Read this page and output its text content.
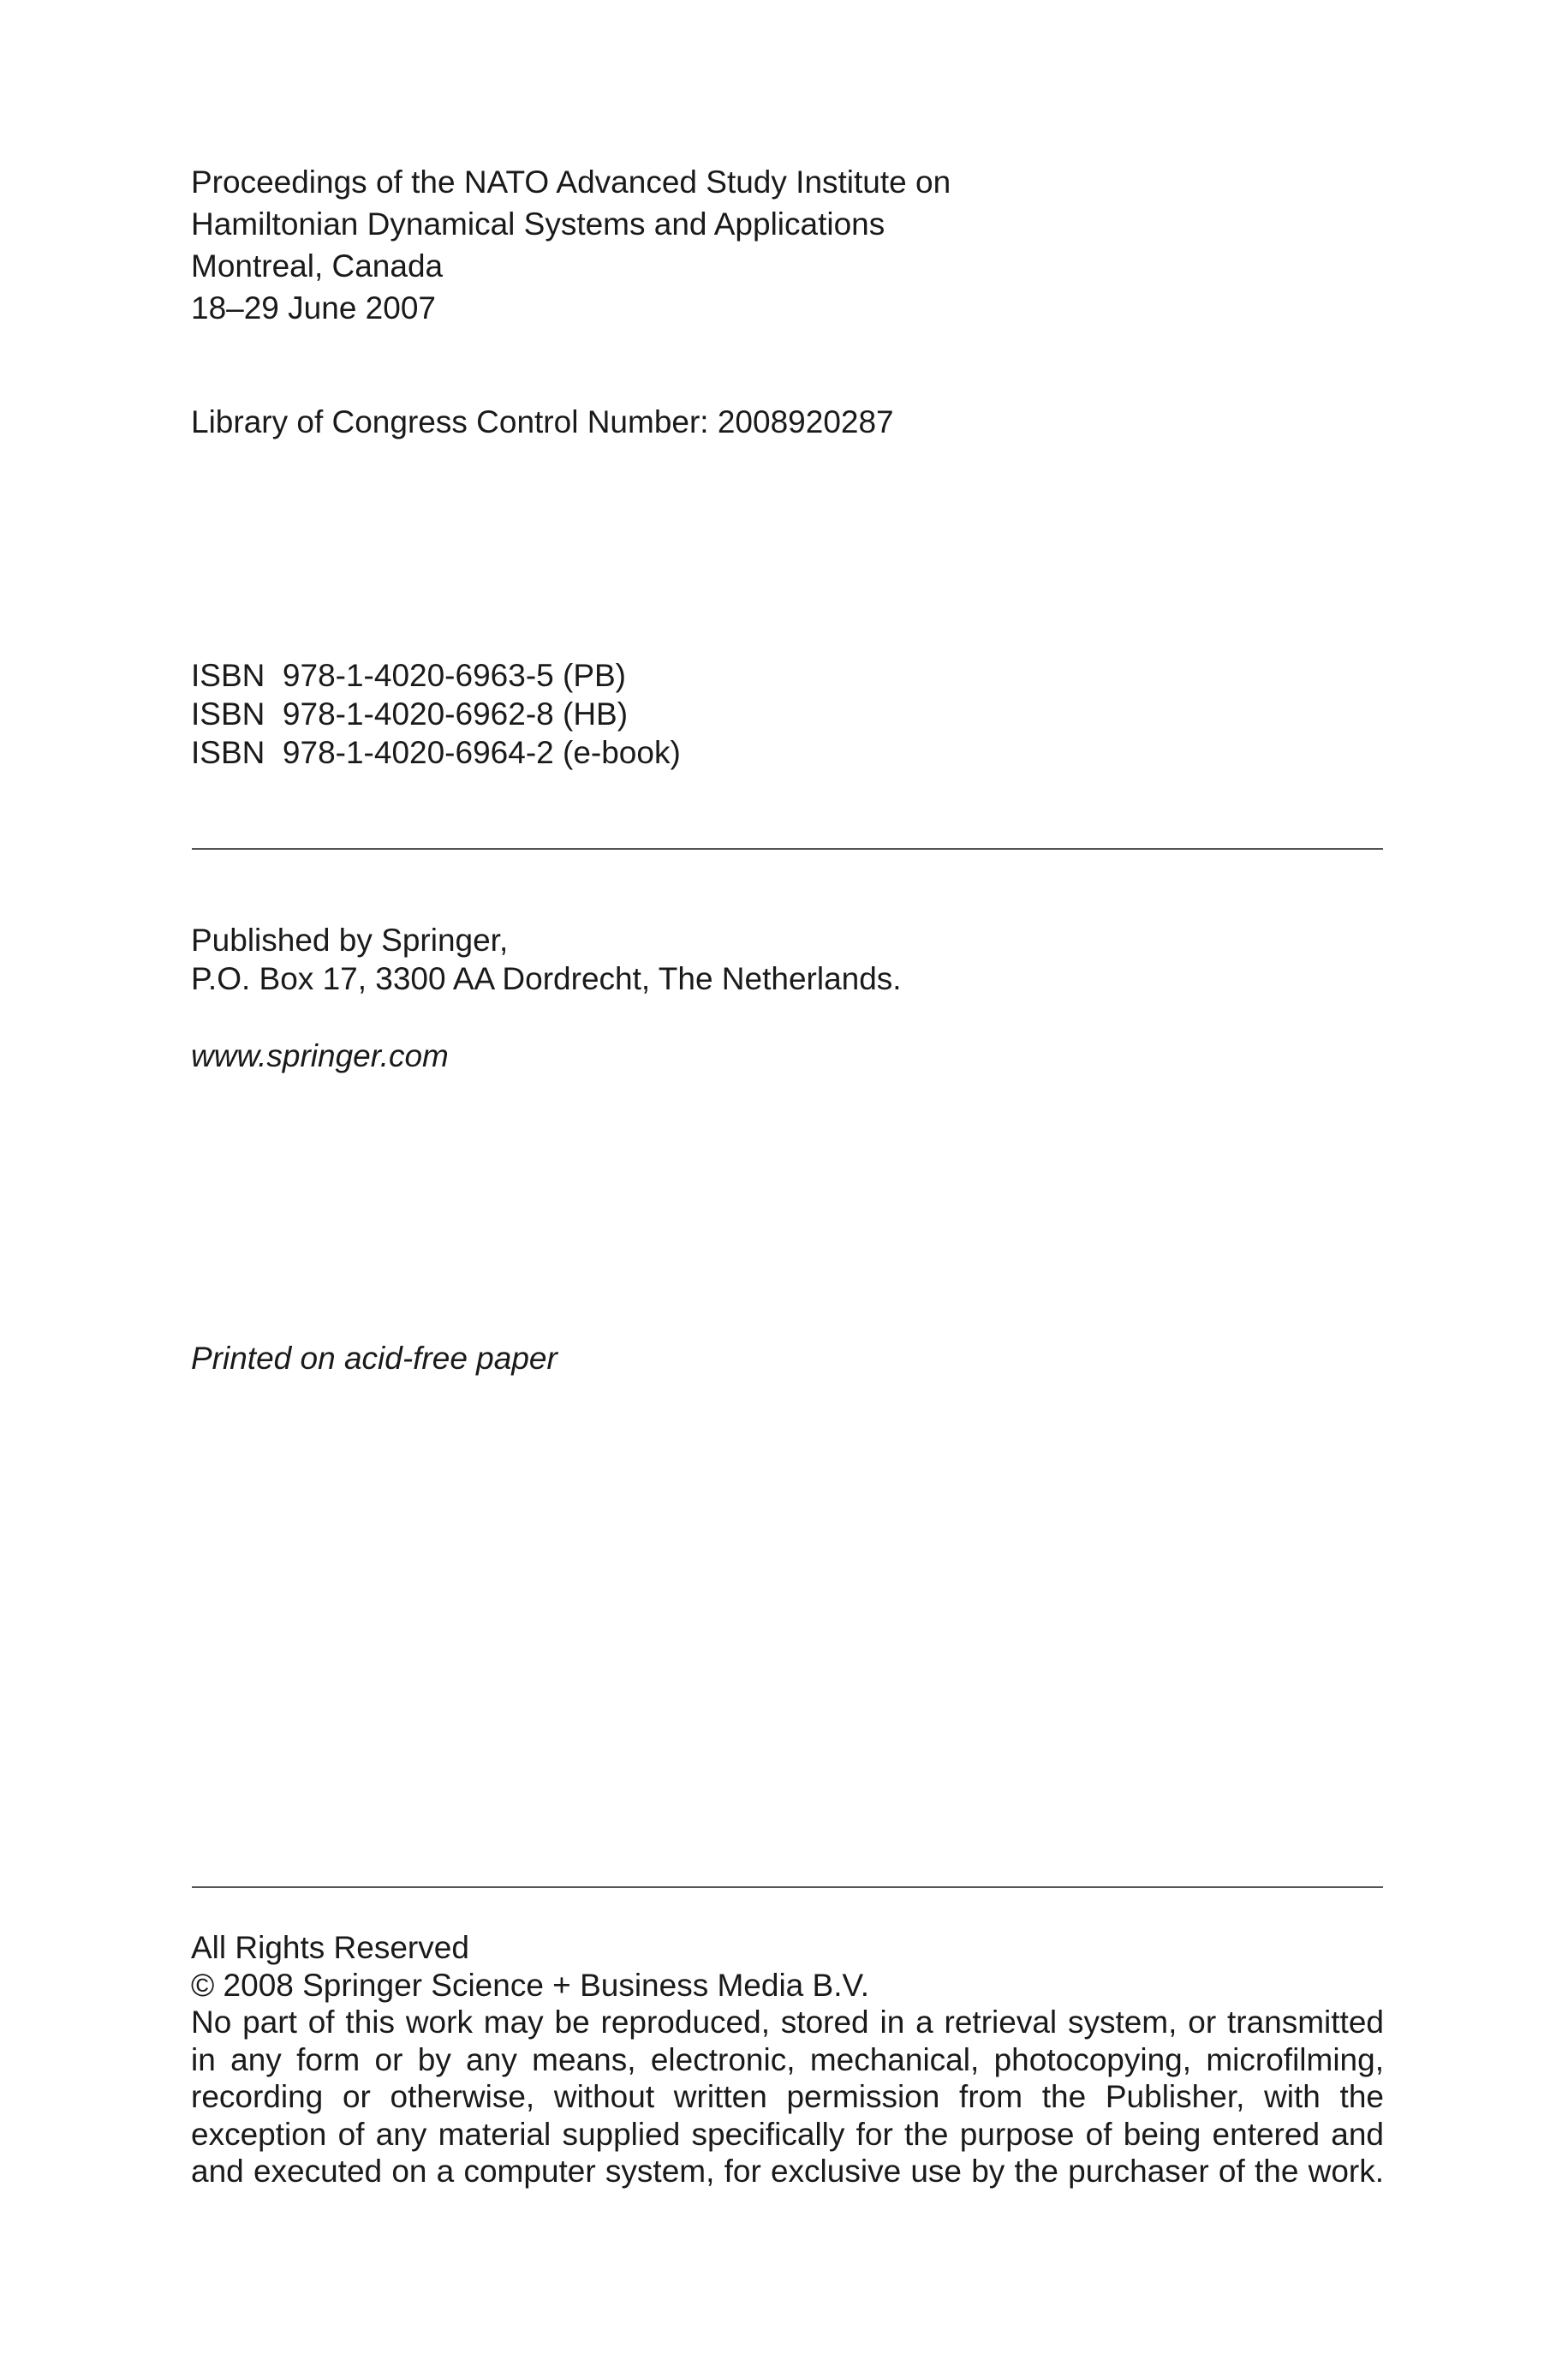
Proceedings of the NATO Advanced Study Institute on
Hamiltonian Dynamical Systems and Applications
Montreal, Canada
18–29 June 2007
Library of Congress Control Number: 2008920287
ISBN  978-1-4020-6963-5 (PB)
ISBN  978-1-4020-6962-8 (HB)
ISBN  978-1-4020-6964-2 (e-book)
Published by Springer,
P.O. Box 17, 3300 AA Dordrecht, The Netherlands.
www.springer.com
Printed on acid-free paper
All Rights Reserved
© 2008 Springer Science + Business Media B.V.
No part of this work may be reproduced, stored in a retrieval system, or transmitted
in any form or by any means, electronic, mechanical, photocopying, microfilming,
recording or otherwise, without written permission from the Publisher, with the
exception of any material supplied specifically for the purpose of being entered and
and executed on a computer system, for exclusive use by the purchaser of the work.
